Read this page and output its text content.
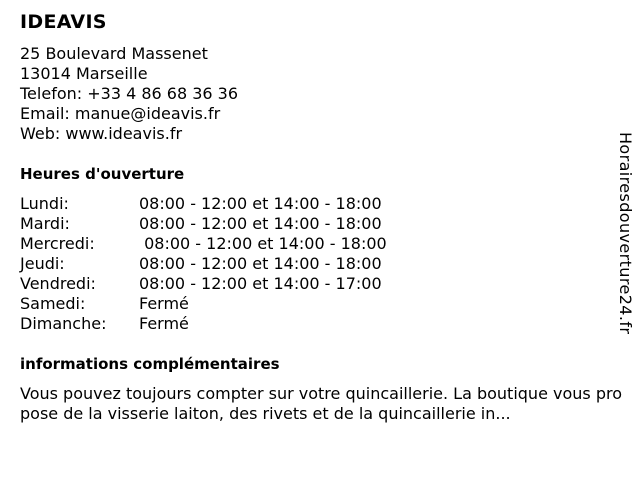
IDEAVIS
25 Boulevard Massenet
13014 Marseille
Telefon: +33 4 86 68 36 36
Email: manue@ideavis.fr
Web: www.ideavis.fr
Heures d'ouverture
Lundi:	08:00 - 12:00 et 14:00 - 18:00
Mardi:	08:00 - 12:00 et 14:00 - 18:00
Mercredi:	08:00 - 12:00 et 14:00 - 18:00
Jeudi:	08:00 - 12:00 et 14:00 - 18:00
Vendredi:	08:00 - 12:00 et 14:00 - 17:00
Samedi:	Fermé
Dimanche:	Fermé
informations complémentaires
Vous pouvez toujours compter sur votre quincaillerie. La boutique vous propose de la visserie laiton, des rivets et de la quincaillerie in...
Horairesdouverture24.fr
